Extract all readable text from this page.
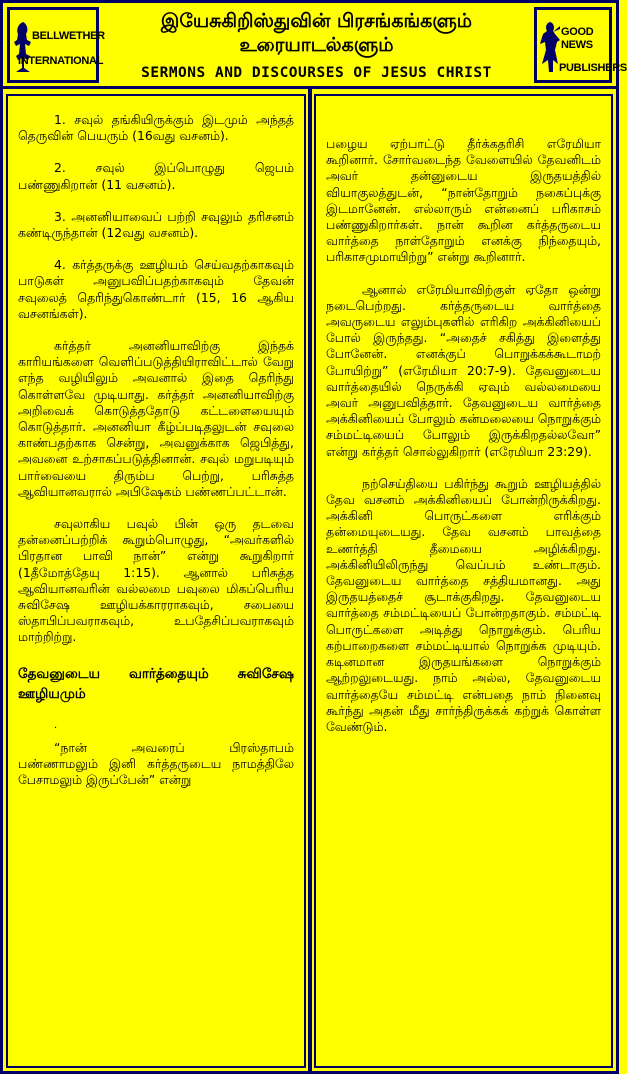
BELLWETHER
INTERNATIONAL
இயேசுகிறிஸ்துவின் பிரசங்கங்களும்
உரையாடல்களும்
SERMONS AND DISCOURSES OF JESUS CHRIST
GOOD NEWS
PUBLISHERS

1. சவுல் தங்கியிருக்கும் இடமும் அந்தத் தெருவின் பெயரும் (16வது வசனம்).

2. சவுல் இப்பொழுது ஜெபம் பண்ணுகிறான் (11 வசனம்).

3. அனனியாவைப் பற்றி சவுலும் தரிசனம் கண்டிருந்தான் (12வது வசனம்).

4. கர்த்தருக்கு ஊழியம் செய்வதற்காகவும் பாடுகள் அனுபவிப்பதற்காகவும் தேவன் சவுலைத் தெரிந்துகொண்டார் (15, 16 ஆகிய வசனங்கள்).

கர்த்தர் அனனியாவிற்கு இந்தக் காரியங்களை வெளிப்படுத்தியிராவிட்டால் வேறு எந்த வழியிலும் அவனால் இதை தெரிந்து கொள்ளவே முடியாது. கர்த்தர் அனனியாவிற்கு அறிவைக் கொடுத்ததோடு கட்டளையையும் கொடுத்தார். அனனியா கீழ்ப்படிதலுடன் சவுலை காண்பதற்காக சென்று, அவனுக்காக ஜெபித்து, அவனை உற்சாகப்படுத்தினான். சவுல் மறுபடியும் பார்வையை திரும்ப பெற்று, பரிசுத்த ஆவியானவரால் அபிஷேகம் பண்ணப்பட்டான்.

சவுலாகிய பவுல் பின் ஒரு தடவை தன்னைப்பற்றிக் கூறும்பொழுது, “அவர்களில் பிரதான பாவி நான்” என்று கூறுகிறார் (1தீமோத்தேயு 1:15). ஆனால் பரிசுத்த ஆவியானவரின் வல்லமை பவுலை மிகப்பெரிய சுவிசேஷ ஊழியக்காரராகவும், சபையை ஸ்தாபிப்பவராகவும், உபதேசிப்பவராகவும் மாற்றிற்று.

தேவனுடைய வார்த்தையும் சுவிசேஷ ஊழியமும்
.

“நான் அவரைப் பிரஸ்தாபம் பண்ணாமலும் இனி கர்த்தருடைய நாமத்திலே பேசாமலும் இருப்பேன்” என்று

பழைய ஏற்பாட்டு தீர்க்கதரிசி எரேமியா கூறினார். சோர்வடைந்த வேளையில் தேவனிடம் அவர் தன்னுடைய இருதயத்தில் வியாகுலத்துடன், “நான்தோறும் நகைப்புக்கு இடமானேன். எல்லாரும் என்னைப் பரிகாசம் பண்ணுகிறார்கள். நான் கூறின கர்த்தருடைய வார்த்தை நாள்தோறும் எனக்கு நிந்தையும், பரிகாசமுமாயிற்று” என்று கூறினார்.

ஆனால் எரேமியாவிற்குள் ஏதோ ஒன்று நடைபெற்றது. கர்த்தருடைய வார்த்தை அவருடைய எலும்புகளில் எரிகிற அக்கினியைப் போல் இருந்தது. “அதைச் சகித்து இளைத்து போனேன். எனக்குப் பொறுக்கக்கூடாமற் போயிற்று” (எரேமியா 20:7-9). தேவனுடைய வார்த்தையில் நெருக்கி ஏவும் வல்லமையை அவர் அனுபவித்தார். தேவனுடைய வார்த்தை அக்கினியைப் போலும் கன்மலையை நொறுக்கும் சம்மட்டியைப் போலும் இருக்கிறதல்லவோ” என்று கர்த்தர் சொல்லுகிறார் (எரேமியா 23:29).

நற்செய்தியை பகிர்ந்து கூறும் ஊழியத்தில் தேவ வசனம் அக்கினியைப் போன்றிருக்கிறது. அக்கினி பொருட்களை எரிக்கும் தன்மையுடையது. தேவ வசனம் பாவத்தை உணர்த்தி தீமையை அழிக்கிறது. அக்கினியிலிருந்து வெப்பம் உண்டாகும். தேவனுடைய வார்த்தை சத்தியமானது. அது இருதயத்தைச் சூடாக்குகிறது. தேவனுடைய வார்த்தை சம்மட்டியைப் போன்றதாகும். சம்மட்டி பொருட்களை அடித்து நொறுக்கும். பெரிய கற்பாறைகளை சம்மட்டியால் நொறுக்க முடியும். கடினமான இருதயங்களை நொறுக்கும் ஆற்றலுடையது. நாம் அல்ல, தேவனுடைய வார்த்தையே சம்மட்டி என்பதை நாம் நினைவு கூர்ந்து அதன் மீது சார்ந்திருக்கக் கற்றுக் கொள்ள வேண்டும்.
